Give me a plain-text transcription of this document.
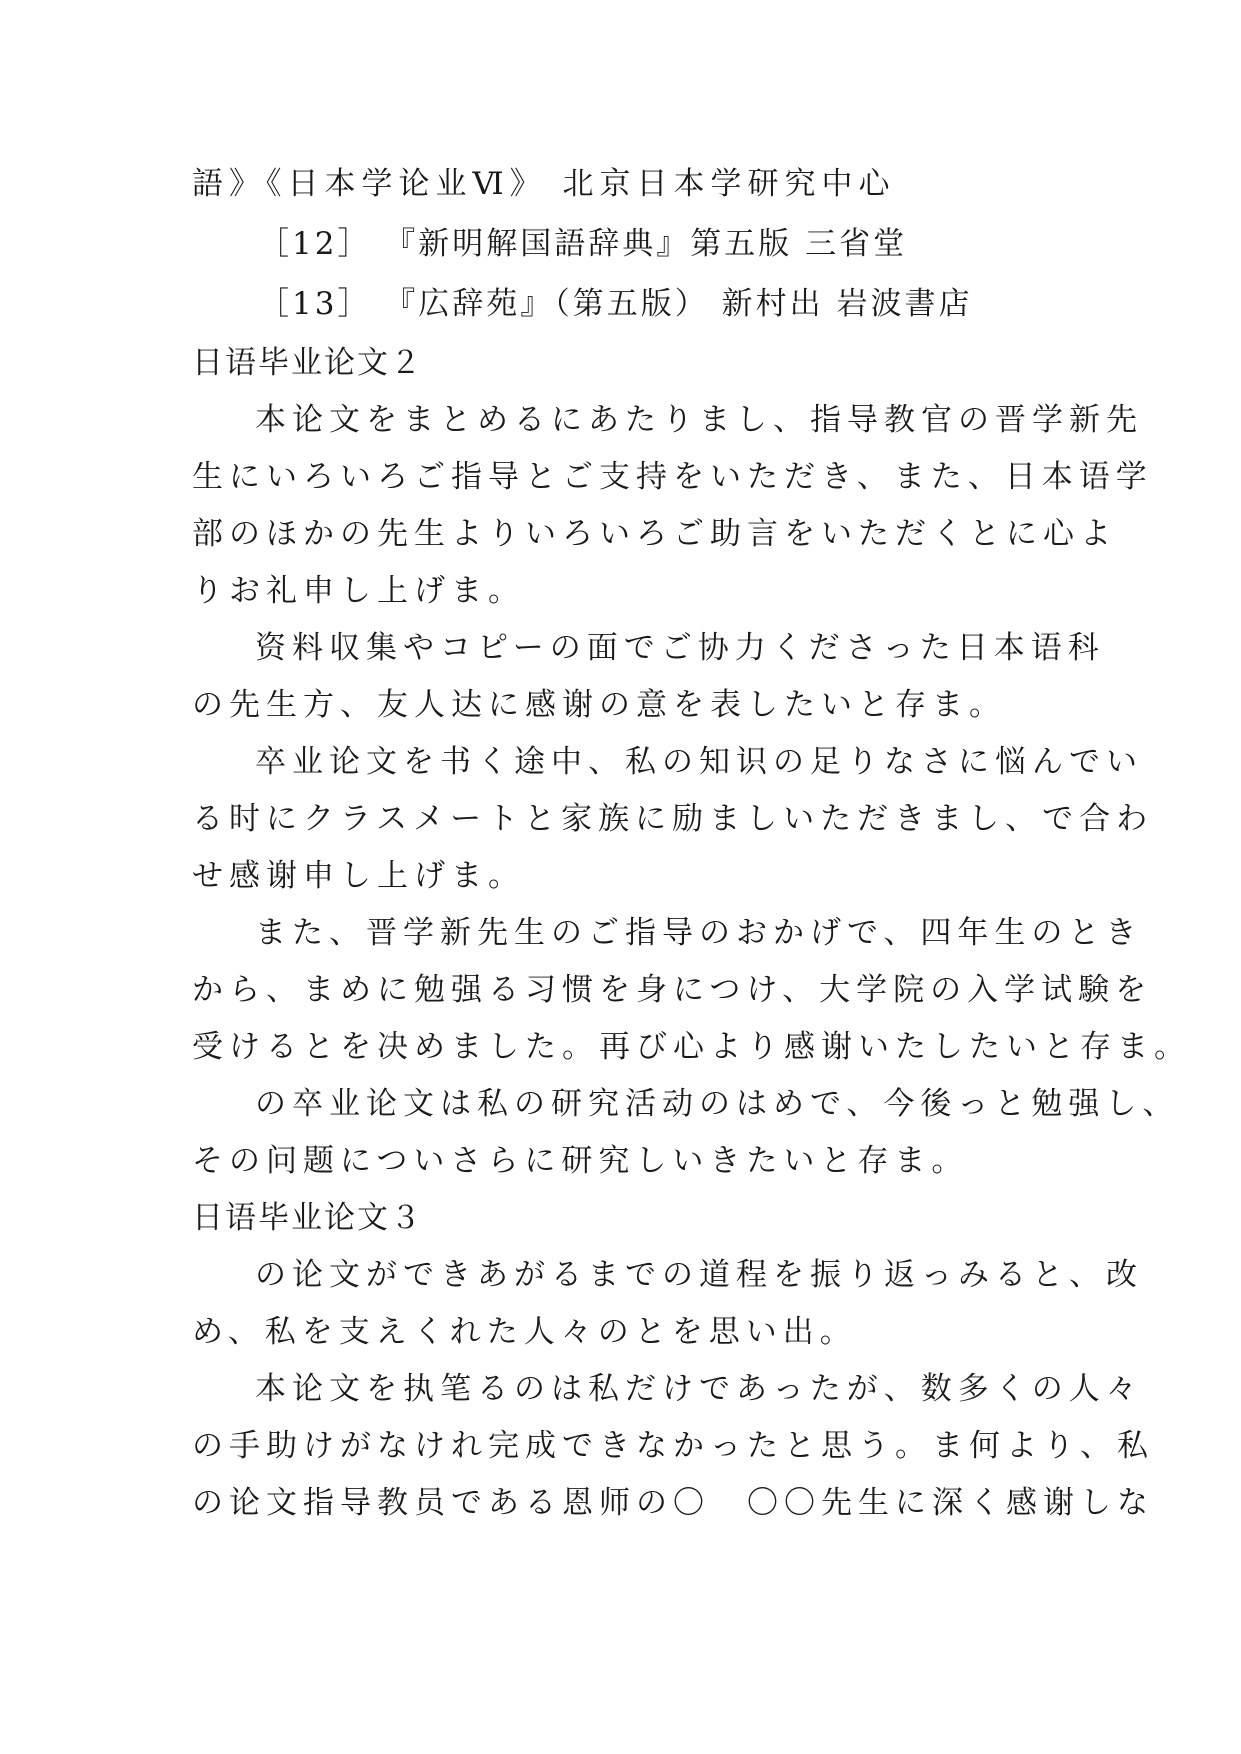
語》《日本学论业Ⅵ》 北京日本学研究中心
［12］ 『新明解国語辞典』第五版 三省堂
［13］ 『広辞苑』（第五版） 新村出 岩波書店
日语毕业论文２
本论文をまとめるにあたりまし、指导教官の晋学新先
生にいろいろご指导とご支持をいただき、また、日本语学
部のほかの先生よりいろいろご助言をいただくとに心よ
りお礼申し上げま。
资料収集やコピーの面でご协力くださった日本语科
の先生方、友人达に感谢の意を表したいと存ま。
卒业论文を书く途中、私の知识の足りなさに悩んでい
る时にクラスメートと家族に励ましいただきまし、で合わ
せ感谢申し上げま。
また、晋学新先生のご指导のおかげで、四年生のとき
から、まめに勉强る习惯を身につけ、大学院の入学试験を
受けるとを决めました。再び心より感谢いたしたいと存ま。
の卒业论文は私の研究活动のはめで、今後っと勉强し、
その问题についさらに研究しいきたいと存ま。
日语毕业论文３
の论文ができあがるまでの道程を振り返っみると、改
め、私を支えくれた人々のとを思い出。
本论文を执笔るのは私だけであったが、数多くの人々
の手助けがなけれ完成できなかったと思う。ま何より、私
の论文指导教员である恩师の〇　〇〇先生に深く感谢しな
